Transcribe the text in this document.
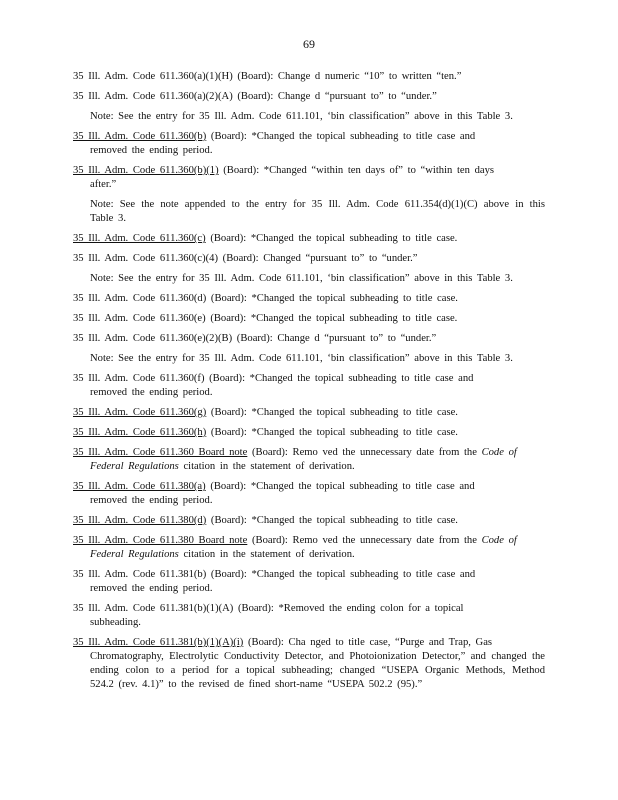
69
35 Ill. Adm. Code 611.360(a)(1)(H) (Board): Change d numeric “10” to written “ten.”
35 Ill. Adm. Code 611.360(a)(2)(A) (Board): Change d “pursuant to” to “under.”
Note: See the entry for 35 Ill. Adm. Code 611.101, ‘bin classification” above in this Table 3.
35 Ill. Adm. Code 611.360(b) (Board): *Changed the topical subheading to title case and
removed the ending period.
35 Ill. Adm. Code 611.360(b)(1) (Board): *Changed “within ten days of” to “within ten days
after.”
Note: See the note appended to the entry for 35 Ill. Adm. Code 611.354(d)(1)(C) above in this Table 3.
35 Ill. Adm. Code 611.360(c) (Board): *Changed the topical subheading to title case.
35 Ill. Adm. Code 611.360(c)(4) (Board): Changed “pursuant to” to “under.”
Note: See the entry for 35 Ill. Adm. Code 611.101, ‘bin classification” above in this Table 3.
35 Ill. Adm. Code 611.360(d) (Board): *Changed the topical subheading to title case.
35 Ill. Adm. Code 611.360(e) (Board): *Changed the topical subheading to title case.
35 Ill. Adm. Code 611.360(e)(2)(B) (Board): Change d “pursuant to” to “under.”
Note: See the entry for 35 Ill. Adm. Code 611.101, ‘bin classification” above in this Table 3.
35 Ill. Adm. Code 611.360(f) (Board): *Changed the topical subheading to title case and
removed the ending period.
35 Ill. Adm. Code 611.360(g) (Board): *Changed the topical subheading to title case.
35 Ill. Adm. Code 611.360(h) (Board): *Changed the topical subheading to title case.
35 Ill. Adm. Code 611.360 Board note (Board): Remo ved the unnecessary date from the Code of
Federal Regulations citation in the statement of derivation.
35 Ill. Adm. Code 611.380(a) (Board): *Changed the topical subheading to title case and
removed the ending period.
35 Ill. Adm. Code 611.380(d) (Board): *Changed the topical subheading to title case.
35 Ill. Adm. Code 611.380 Board note (Board): Remo ved the unnecessary date from the Code of
Federal Regulations citation in the statement of derivation.
35 Ill. Adm. Code 611.381(b) (Board): *Changed the topical subheading to title case and
removed the ending period.
35 Ill. Adm. Code 611.381(b)(1)(A) (Board): *Removed the ending colon for a topical
subheading.
35 Ill. Adm. Code 611.381(b)(1)(A)(i) (Board): Cha nged to title case, “Purge and Trap, Gas
Chromatography, Electrolytic Conductivity Detector, and Photoionization Detector,” and changed the ending colon to a period for a topical subheading; changed “USEPA Organic Methods, Method 524.2 (rev. 4.1)” to the revised de fined short-name “USEPA 502.2 (95).”
